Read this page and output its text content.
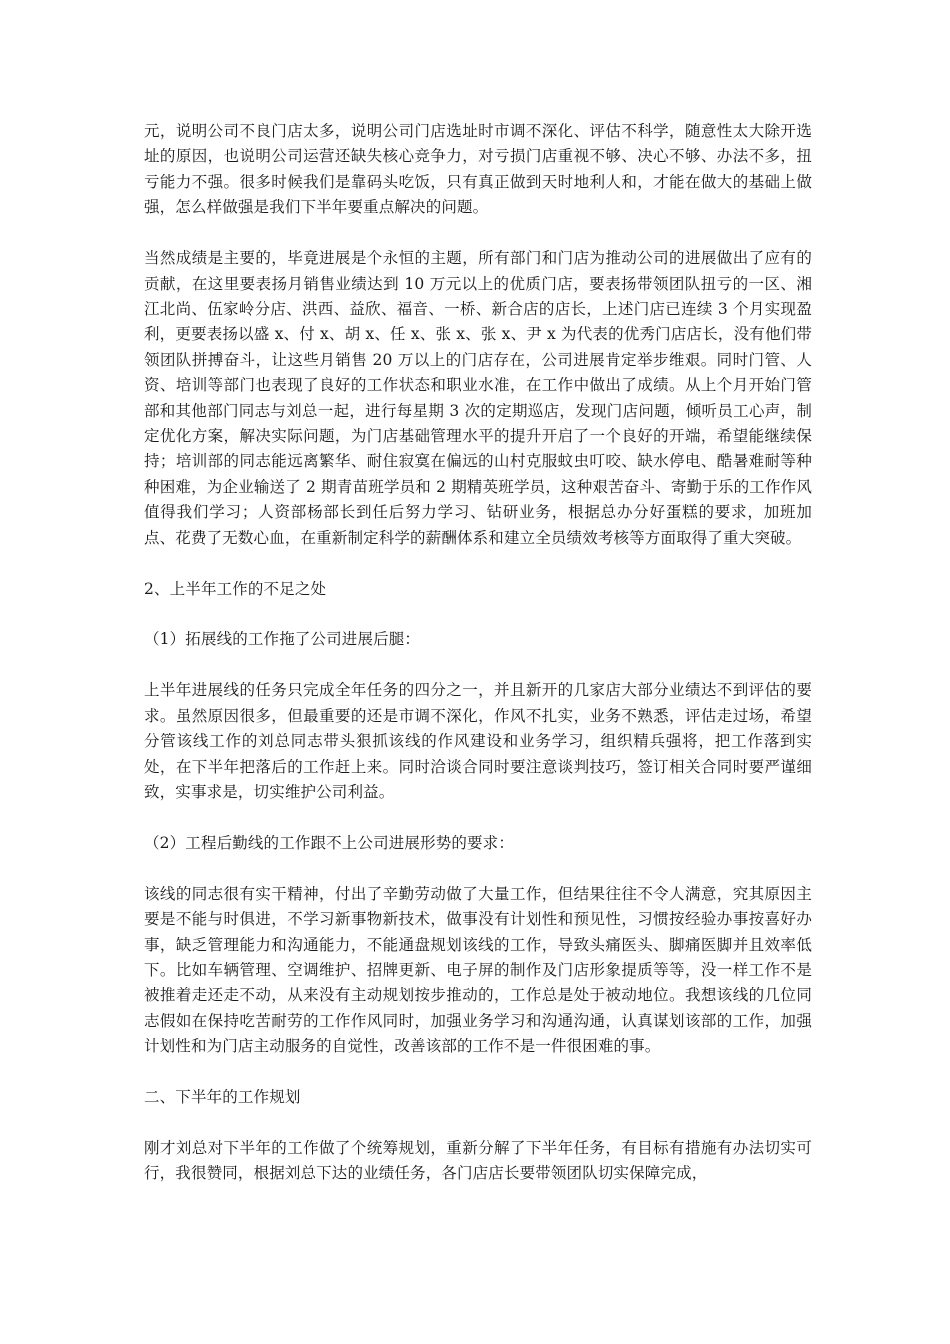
元，说明公司不良门店太多，说明公司门店选址时市调不深化、评估不科学，随意性太大除开选址的原因，也说明公司运营还缺失核心竞争力，对亏损门店重视不够、决心不够、办法不多，扭亏能力不强。很多时候我们是靠码头吃饭，只有真正做到天时地利人和，才能在做大的基础上做强，怎么样做强是我们下半年要重点解决的问题。

当然成绩是主要的，毕竟进展是个永恒的主题，所有部门和门店为推动公司的进展做出了应有的贡献，在这里要表扬月销售业绩达到 10 万元以上的优质门店，要表扬带领团队扭亏的一区、湘江北尚、伍家岭分店、洪西、益欣、福音、一桥、新合店的店长，上述门店已连续 3 个月实现盈利，更要表扬以盛 x、付 x、胡 x、任 x、张 x、张 x、尹 x 为代表的优秀门店店长，没有他们带领团队拼搏奋斗，让这些月销售 20 万以上的门店存在，公司进展肯定举步维艰。同时门管、人资、培训等部门也表现了良好的工作状态和职业水准，在工作中做出了成绩。从上个月开始门管部和其他部门同志与刘总一起，进行每星期 3 次的定期巡店，发现门店问题，倾听员工心声，制定优化方案，解决实际问题，为门店基础管理水平的提升开启了一个良好的开端，希望能继续保持；培训部的同志能远离繁华、耐住寂寞在偏远的山村克服蚊虫叮咬、缺水停电、酷暑难耐等种种困难，为企业输送了 2 期青苗班学员和 2 期精英班学员，这种艰苦奋斗、寄勤于乐的工作作风值得我们学习；人资部杨部长到任后努力学习、钻研业务，根据总办分好蛋糕的要求，加班加点、花费了无数心血，在重新制定科学的薪酬体系和建立全员绩效考核等方面取得了重大突破。

2、上半年工作的不足之处

（1）拓展线的工作拖了公司进展后腿：

上半年进展线的任务只完成全年任务的四分之一，并且新开的几家店大部分业绩达不到评估的要求。虽然原因很多，但最重要的还是市调不深化，作风不扎实，业务不熟悉，评估走过场，希望分管该线工作的刘总同志带头狠抓该线的作风建设和业务学习，组织精兵强将，把工作落到实处，在下半年把落后的工作赶上来。同时洽谈合同时要注意谈判技巧，签订相关合同时要严谨细致，实事求是，切实维护公司利益。

（2）工程后勤线的工作跟不上公司进展形势的要求：

该线的同志很有实干精神，付出了辛勤劳动做了大量工作，但结果往往不令人满意，究其原因主要是不能与时俱进，不学习新事物新技术，做事没有计划性和预见性，习惯按经验办事按喜好办事，缺乏管理能力和沟通能力，不能通盘规划该线的工作，导致头痛医头、脚痛医脚并且效率低下。比如车辆管理、空调维护、招牌更新、电子屏的制作及门店形象提质等等，没一样工作不是被推着走还走不动，从来没有主动规划按步推动的，工作总是处于被动地位。我想该线的几位同志假如在保持吃苦耐劳的工作作风同时，加强业务学习和沟通沟通，认真谋划该部的工作，加强计划性和为门店主动服务的自觉性，改善该部的工作不是一件很困难的事。

二、下半年的工作规划

刚才刘总对下半年的工作做了个统筹规划，重新分解了下半年任务，有目标有措施有办法切实可行，我很赞同，根据刘总下达的业绩任务，各门店店长要带领团队切实保障完成，
